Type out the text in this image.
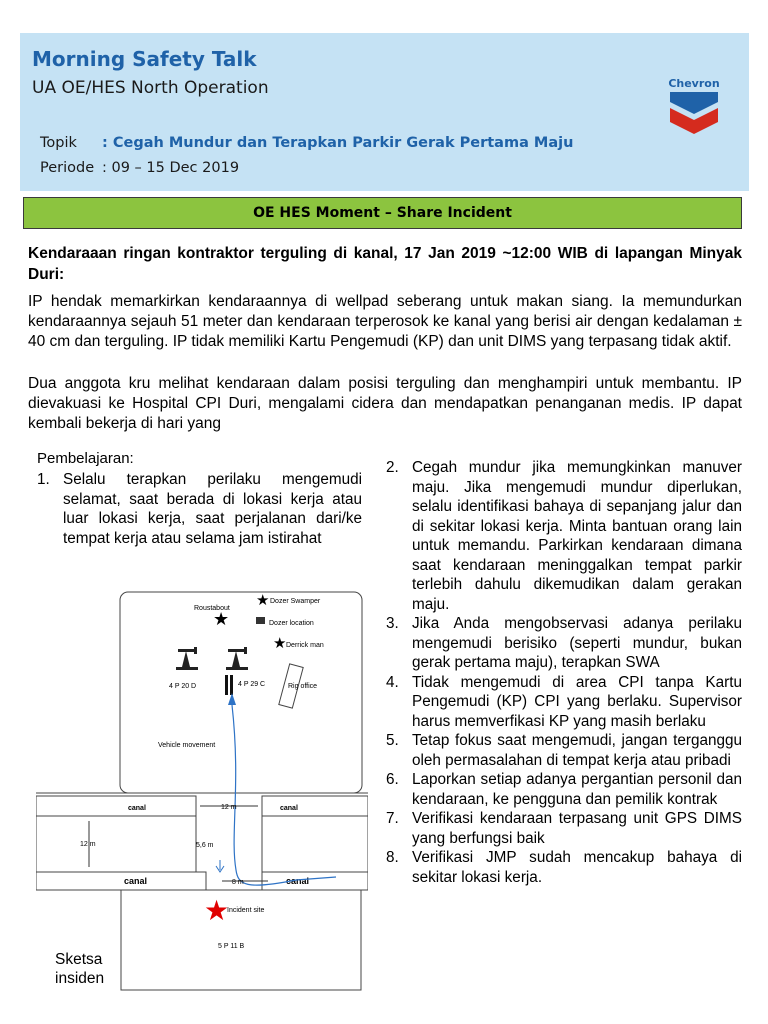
Morning Safety Talk
UA OE/HES North Operation
Topik : Cegah Mundur dan Terapkan Parkir Gerak Pertama Maju
Periode : 09 – 15 Dec 2019
Chevron
OE HES Moment – Share Incident
Kendaraaan ringan kontraktor terguling di kanal, 17 Jan 2019 ~12:00 WIB di lapangan Minyak Duri:
IP hendak memarkirkan kendaraannya di wellpad seberang untuk makan siang. Ia memundurkan kendaraannya sejauh 51 meter dan kendaraan terperosok ke kanal yang berisi air dengan kedalaman ± 40 cm dan terguling. IP tidak memiliki Kartu Pengemudi (KP) dan unit DIMS yang terpasang tidak aktif.
Dua anggota kru melihat kendaraan dalam posisi terguling dan menghampiri untuk membantu. IP dievakuasi ke Hospital CPI Duri, mengalami cidera dan mendapatkan penanganan medis. IP dapat kembali bekerja di hari yang
Pembelajaran:
1. Selalu terapkan perilaku mengemudi selamat, saat berada di lokasi kerja atau luar lokasi kerja, saat perjalanan dari/ke tempat kerja atau selama jam istirahat
2. Cegah mundur jika memungkinkan manuver maju. Jika mengemudi mundur diperlukan, selalu identifikasi bahaya di sepanjang jalur dan di sekitar lokasi kerja. Minta bantuan orang lain untuk memandu. Parkirkan kendaraan dimana saat kendaraan meninggalkan tempat parkir terlebih dahulu dikemudikan dalam gerakan maju.
3. Jika Anda mengobservasi adanya perilaku mengemudi berisiko (seperti mundur, bukan gerak pertama maju), terapkan SWA
4. Tidak mengemudi di area CPI tanpa Kartu Pengemudi (KP) CPI yang berlaku. Supervisor harus memverfikasi KP yang masih berlaku
5. Tetap fokus saat mengemudi, jangan terganggu oleh permasalahan di tempat kerja atau pribadi
6. Laporkan setiap adanya pergantian personil dan kendaraan, ke pengguna dan pemilik kontrak
7. Verifikasi kendaraan terpasang unit GPS DIMS yang berfungsi baik
8. Verifikasi JMP sudah mencakup bahaya di sekitar lokasi kerja.
canal	canal
canal	canal
★
★
★
Roustabout
Dozer Swamper
Dozer location
Derrick man
4 P 20 D	4 P 29 C	Rig office
Vehicle movement
12 m
12 m	5,6 m
8 m
★
Incident site
5 P 11 B
Sketsa
insiden
